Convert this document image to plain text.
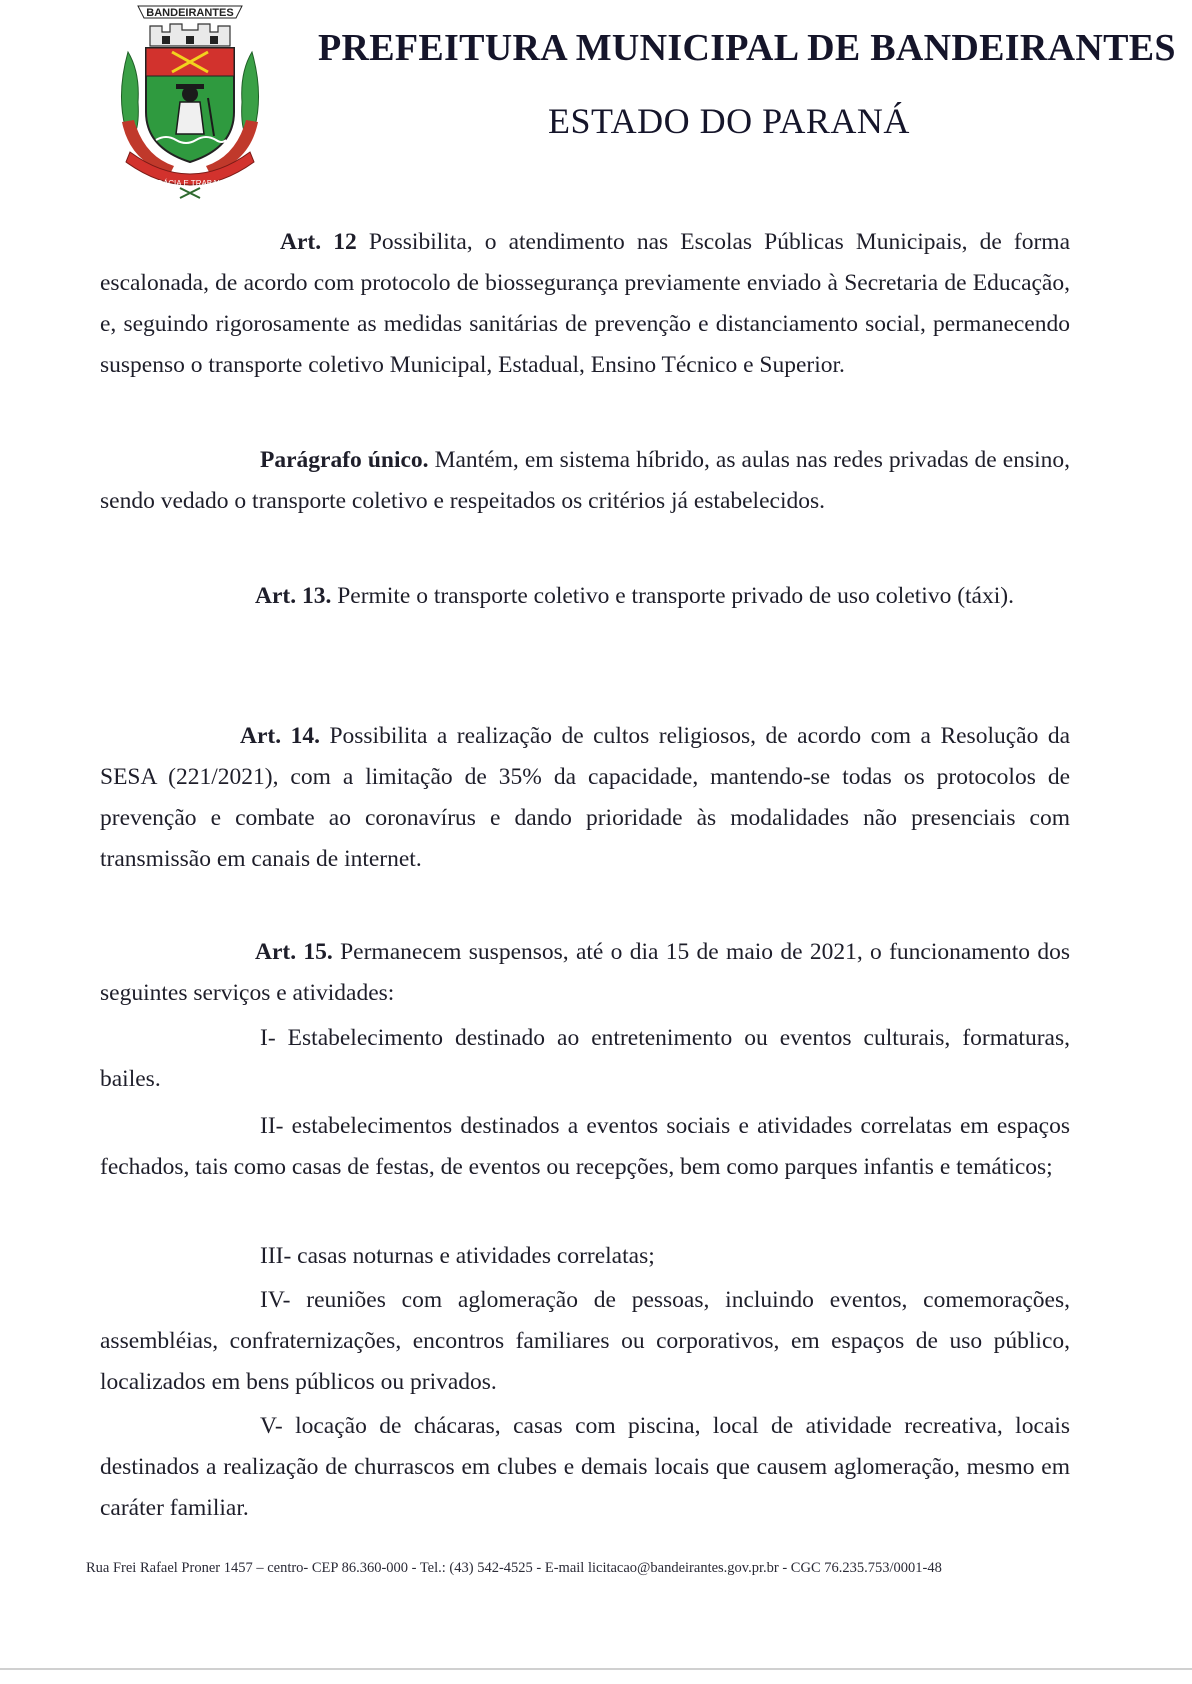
BANDEIRANTES
AUDÁCIA E TRABALHO
PREFEITURA MUNICIPAL DE BANDEIRANTES
ESTADO DO PARANÁ

Art. 12 Possibilita, o atendimento nas Escolas Públicas Municipais, de forma escalonada, de acordo com protocolo de biossegurança previamente enviado à Secretaria de Educação, e, seguindo rigorosamente as medidas sanitárias de prevenção e distanciamento social, permanecendo suspenso o transporte coletivo Municipal, Estadual, Ensino Técnico e Superior.

Parágrafo único. Mantém, em sistema híbrido, as aulas nas redes privadas de ensino, sendo vedado o transporte coletivo e respeitados os critérios já estabelecidos.

Art. 13. Permite o transporte coletivo e transporte privado de uso coletivo (táxi).

Art. 14. Possibilita a realização de cultos religiosos, de acordo com a Resolução da SESA (221/2021), com a limitação de 35% da capacidade, mantendo-se todas os protocolos de prevenção e combate ao coronavírus e dando prioridade às modalidades não presenciais com transmissão em canais de internet.

Art. 15. Permanecem suspensos, até o dia 15 de maio de 2021, o funcionamento dos seguintes serviços e atividades:

I- Estabelecimento destinado ao entretenimento ou eventos culturais, formaturas, bailes.

II- estabelecimentos destinados a eventos sociais e atividades correlatas em espaços fechados, tais como casas de festas, de eventos ou recepções, bem como parques infantis e temáticos;

III- casas noturnas e atividades correlatas;

IV- reuniões com aglomeração de pessoas, incluindo eventos, comemorações, assembléias, confraternizações, encontros familiares ou corporativos, em espaços de uso público, localizados em bens públicos ou privados.

V- locação de chácaras, casas com piscina, local de atividade recreativa, locais destinados a realização de churrascos em clubes e demais locais que causem aglomeração, mesmo em caráter familiar.

Rua Frei Rafael Proner 1457 – centro- CEP 86.360-000 - Tel.: (43) 542-4525 - E-mail licitacao@bandeirantes.gov.pr.br - CGC 76.235.753/0001-48
